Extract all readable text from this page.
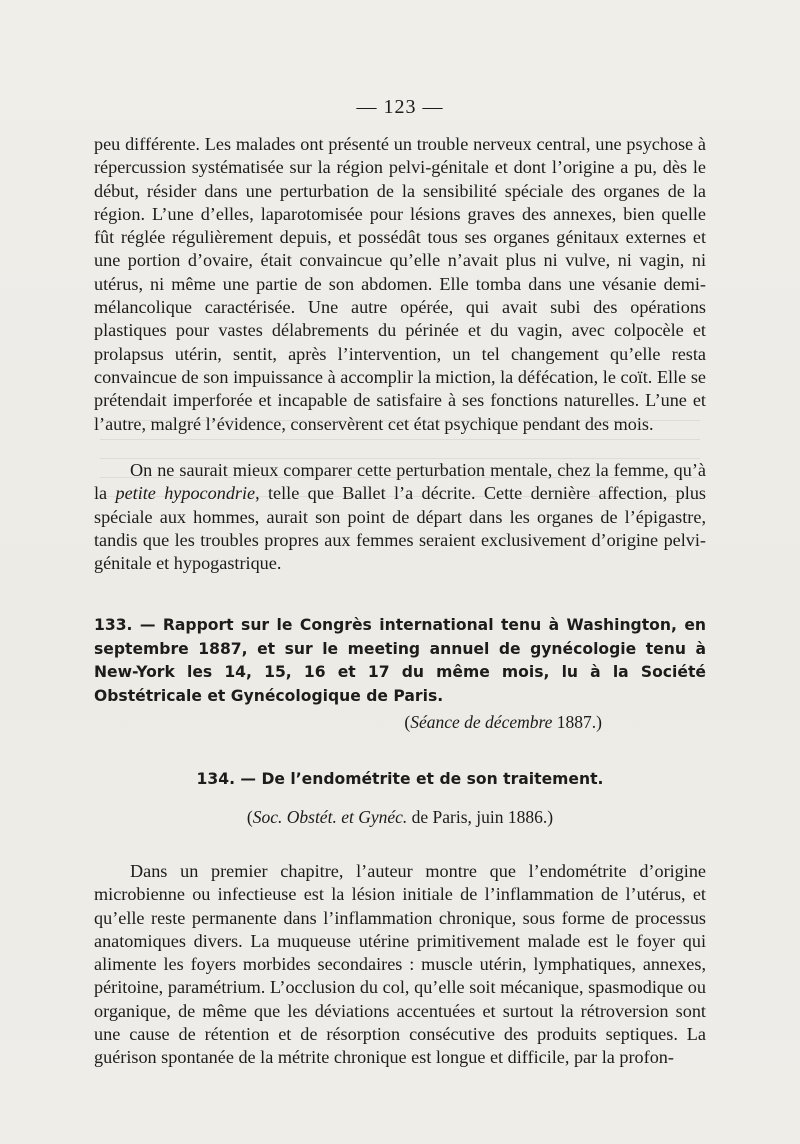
— 123 —

peu différente. Les malades ont présenté un trouble nerveux central, une psychose à répercussion systématisée sur la région pelvi-génitale et dont l’origine a pu, dès le début, résider dans une perturbation de la sensibilité spéciale des organes de la région. L’une d’elles, laparotomisée pour lésions graves des annexes, bien quelle fût réglée régulièrement depuis, et possédât tous ses organes génitaux externes et une portion d’ovaire, était convaincue qu’elle n’avait plus ni vulve, ni vagin, ni utérus, ni même une partie de son abdomen. Elle tomba dans une vésanie demi-mélancolique caractérisée. Une autre opérée, qui avait subi des opérations plastiques pour vastes délabrements du périnée et du vagin, avec colpocèle et prolapsus utérin, sentit, après l’intervention, un tel changement qu’elle resta convaincue de son impuissance à accomplir la miction, la défécation, le coït. Elle se prétendait imperforée et incapable de satisfaire à ses fonctions naturelles. L’une et l’autre, malgré l’évidence, conservèrent cet état psychique pendant des mois.

On ne saurait mieux comparer cette perturbation mentale, chez la femme, qu’à la petite hypocondrie, telle que Ballet l’a décrite. Cette dernière affection, plus spéciale aux hommes, aurait son point de départ dans les organes de l’épigastre, tandis que les troubles propres aux femmes seraient exclusivement d’origine pelvi-génitale et hypogastrique.

133. — Rapport sur le Congrès international tenu à Washington, en septembre 1887, et sur le meeting annuel de gynécologie tenu à New-York les 14, 15, 16 et 17 du même mois, lu à la Société Obstétricale et Gynécologique de Paris.

(Séance de décembre 1887.)

134. — De l’endométrite et de son traitement.

(Soc. Obstét. et Gynéc. de Paris, juin 1886.)

Dans un premier chapitre, l’auteur montre que l’endométrite d’origine microbienne ou infectieuse est la lésion initiale de l’inflammation de l’utérus, et qu’elle reste permanente dans l’inflammation chronique, sous forme de processus anatomiques divers. La muqueuse utérine primitivement malade est le foyer qui alimente les foyers morbides secondaires : muscle utérin, lymphatiques, annexes, péritoine, paramétrium. L’occlusion du col, qu’elle soit mécanique, spasmodique ou organique, de même que les déviations accentuées et surtout la rétroversion sont une cause de rétention et de résorption consécutive des produits septiques. La guérison spontanée de la métrite chronique est longue et difficile, par la profon-
